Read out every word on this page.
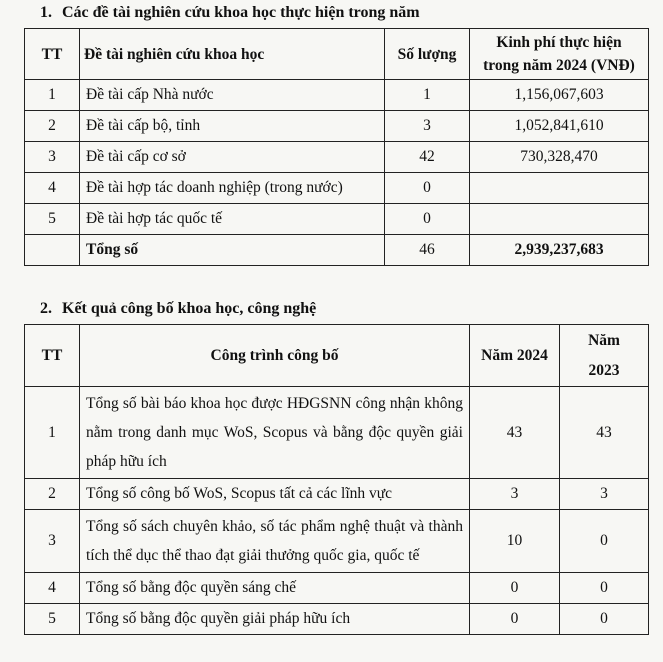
1. Các đề tài nghiên cứu khoa học thực hiện trong năm
TT	Đề tài nghiên cứu khoa học	Số lượng	Kinh phí thực hiện
trong năm 2024 (VNĐ)

1	Đề tài cấp Nhà nước	1	1,156,067,603
2	Đề tài cấp bộ, tỉnh	3	1,052,841,610
3	Đề tài cấp cơ sở	42	730,328,470
4	Đề tài hợp tác doanh nghiệp (trong nước)	0	
5	Đề tài hợp tác quốc tế	0	
	Tổng số	46	2,939,237,683
2. Kết quả công bố khoa học, công nghệ
TT	Công trình công bố	Năm 2024	Năm
2023

1	Tổng số bài báo khoa học được HĐGSNN công nhận không nằm trong danh mục WoS, Scopus và bằng độc quyền giải pháp hữu ích	43	43
2	Tổng số công bố WoS, Scopus tất cả các lĩnh vực	3	3
3	Tổng số sách chuyên khảo, số tác phẩm nghệ thuật và thành tích thể dục thể thao đạt giải thưởng quốc gia, quốc tế	10	0
4	Tổng số bằng độc quyền sáng chế	0	0
5	Tổng số bằng độc quyền giải pháp hữu ích	0	0
